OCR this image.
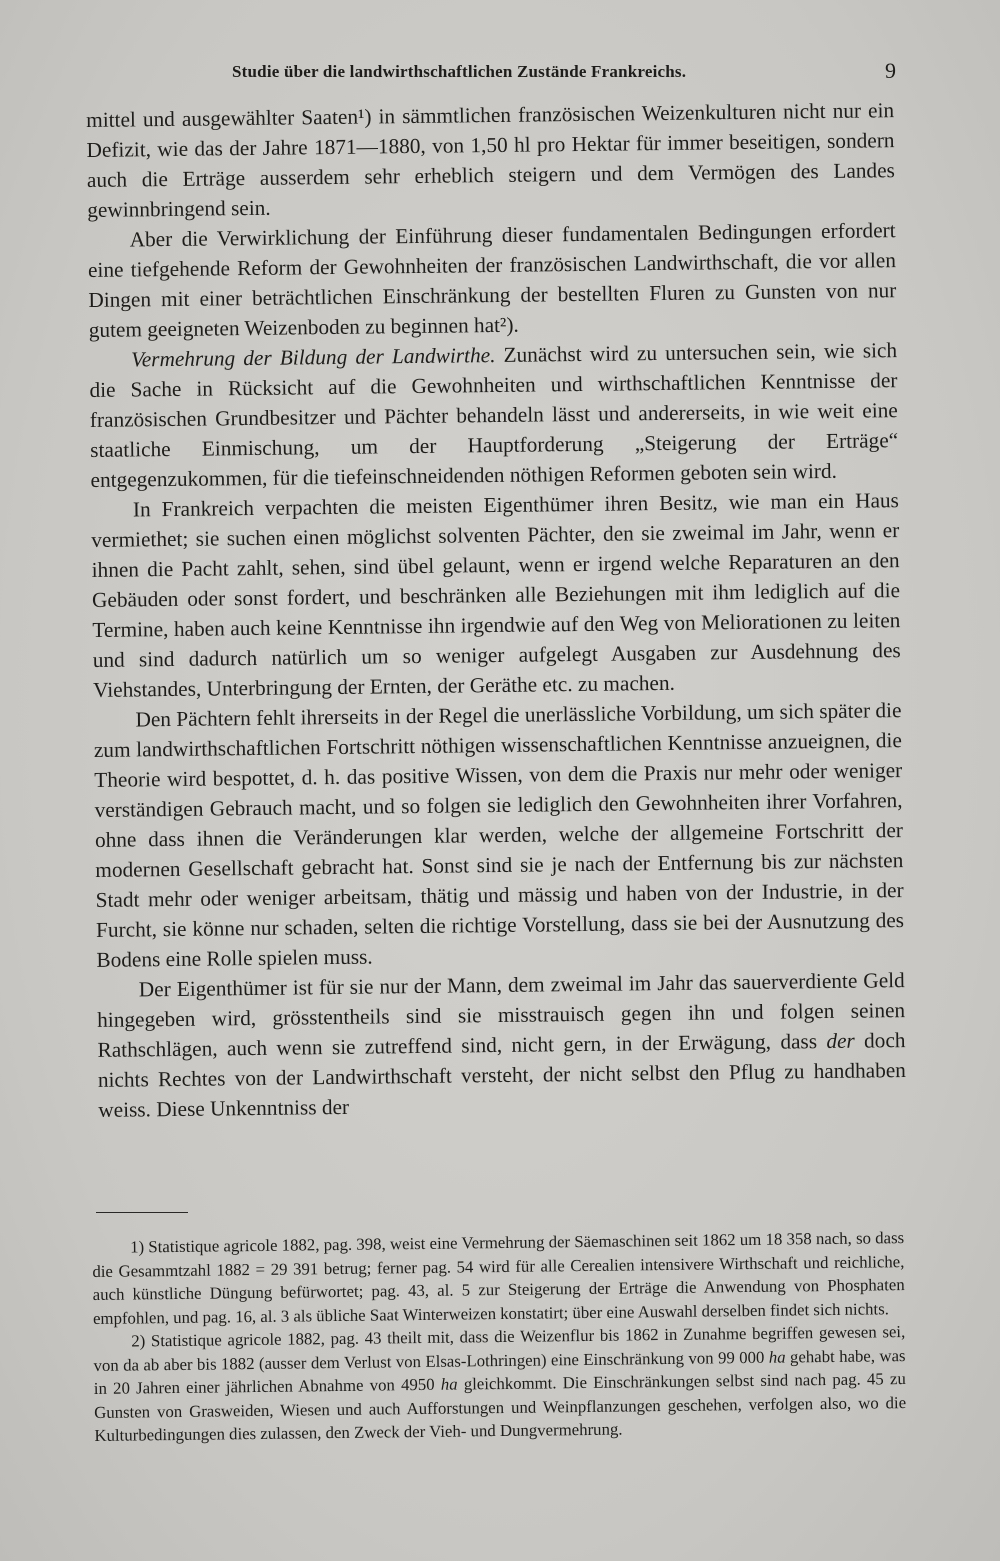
Studie über die landwirthschaftlichen Zustände Frankreichs.	9

mittel und ausgewählter Saaten¹) in sämmtlichen französischen Weizenkulturen nicht nur ein Defizit, wie das der Jahre 1871—1880, von 1,50 hl pro Hektar für immer beseitigen, sondern auch die Erträge ausserdem sehr erheblich steigern und dem Vermögen des Landes gewinnbringend sein.

Aber die Verwirklichung der Einführung dieser fundamentalen Bedingungen erfordert eine tiefgehende Reform der Gewohnheiten der französischen Landwirthschaft, die vor allen Dingen mit einer beträchtlichen Einschränkung der bestellten Fluren zu Gunsten von nur gutem geeigneten Weizenboden zu beginnen hat²).

Vermehrung der Bildung der Landwirthe. Zunächst wird zu untersuchen sein, wie sich die Sache in Rücksicht auf die Gewohnheiten und wirthschaftlichen Kenntnisse der französischen Grundbesitzer und Pächter behandeln lässt und andererseits, in wie weit eine staatliche Einmischung, um der Hauptforderung „Steigerung der Erträge“ entgegenzukommen, für die tiefeinschneidenden nöthigen Reformen geboten sein wird.

In Frankreich verpachten die meisten Eigenthümer ihren Besitz, wie man ein Haus vermiethet; sie suchen einen möglichst solventen Pächter, den sie zweimal im Jahr, wenn er ihnen die Pacht zahlt, sehen, sind übel gelaunt, wenn er irgend welche Reparaturen an den Gebäuden oder sonst fordert, und beschränken alle Beziehungen mit ihm lediglich auf die Termine, haben auch keine Kenntnisse ihn irgendwie auf den Weg von Meliorationen zu leiten und sind dadurch natürlich um so weniger aufgelegt Ausgaben zur Ausdehnung des Viehstandes, Unterbringung der Ernten, der Geräthe etc. zu machen.

Den Pächtern fehlt ihrerseits in der Regel die unerlässliche Vorbildung, um sich später die zum landwirthschaftlichen Fortschritt nöthigen wissenschaftlichen Kenntnisse anzueignen, die Theorie wird bespottet, d. h. das positive Wissen, von dem die Praxis nur mehr oder weniger verständigen Gebrauch macht, und so folgen sie lediglich den Gewohnheiten ihrer Vorfahren, ohne dass ihnen die Veränderungen klar werden, welche der allgemeine Fortschritt der modernen Gesellschaft gebracht hat. Sonst sind sie je nach der Entfernung bis zur nächsten Stadt mehr oder weniger arbeitsam, thätig und mässig und haben von der Industrie, in der Furcht, sie könne nur schaden, selten die richtige Vorstellung, dass sie bei der Ausnutzung des Bodens eine Rolle spielen muss.

Der Eigenthümer ist für sie nur der Mann, dem zweimal im Jahr das sauerverdiente Geld hingegeben wird, grösstentheils sind sie misstrauisch gegen ihn und folgen seinen Rathschlägen, auch wenn sie zutreffend sind, nicht gern, in der Erwägung, dass der doch nichts Rechtes von der Landwirthschaft versteht, der nicht selbst den Pflug zu handhaben weiss. Diese Unkenntniss der

1) Statistique agricole 1882, pag. 398, weist eine Vermehrung der Säemaschinen seit 1862 um 18 358 nach, so dass die Gesammtzahl 1882 = 29 391 betrug; ferner pag. 54 wird für alle Cerealien intensivere Wirthschaft und reichliche, auch künstliche Düngung befürwortet; pag. 43, al. 5 zur Steigerung der Erträge die Anwendung von Phosphaten empfohlen, und pag. 16, al. 3 als übliche Saat Winterweizen konstatirt; über eine Auswahl derselben findet sich nichts.

2) Statistique agricole 1882, pag. 43 theilt mit, dass die Weizenflur bis 1862 in Zunahme begriffen gewesen sei, von da ab aber bis 1882 (ausser dem Verlust von Elsas-Lothringen) eine Einschränkung von 99 000 ha gehabt habe, was in 20 Jahren einer jährlichen Abnahme von 4950 ha gleichkommt. Die Einschränkungen selbst sind nach pag. 45 zu Gunsten von Grasweiden, Wiesen und auch Aufforstungen und Weinpflanzungen geschehen, verfolgen also, wo die Kulturbedingungen dies zulassen, den Zweck der Vieh- und Dungvermehrung.
